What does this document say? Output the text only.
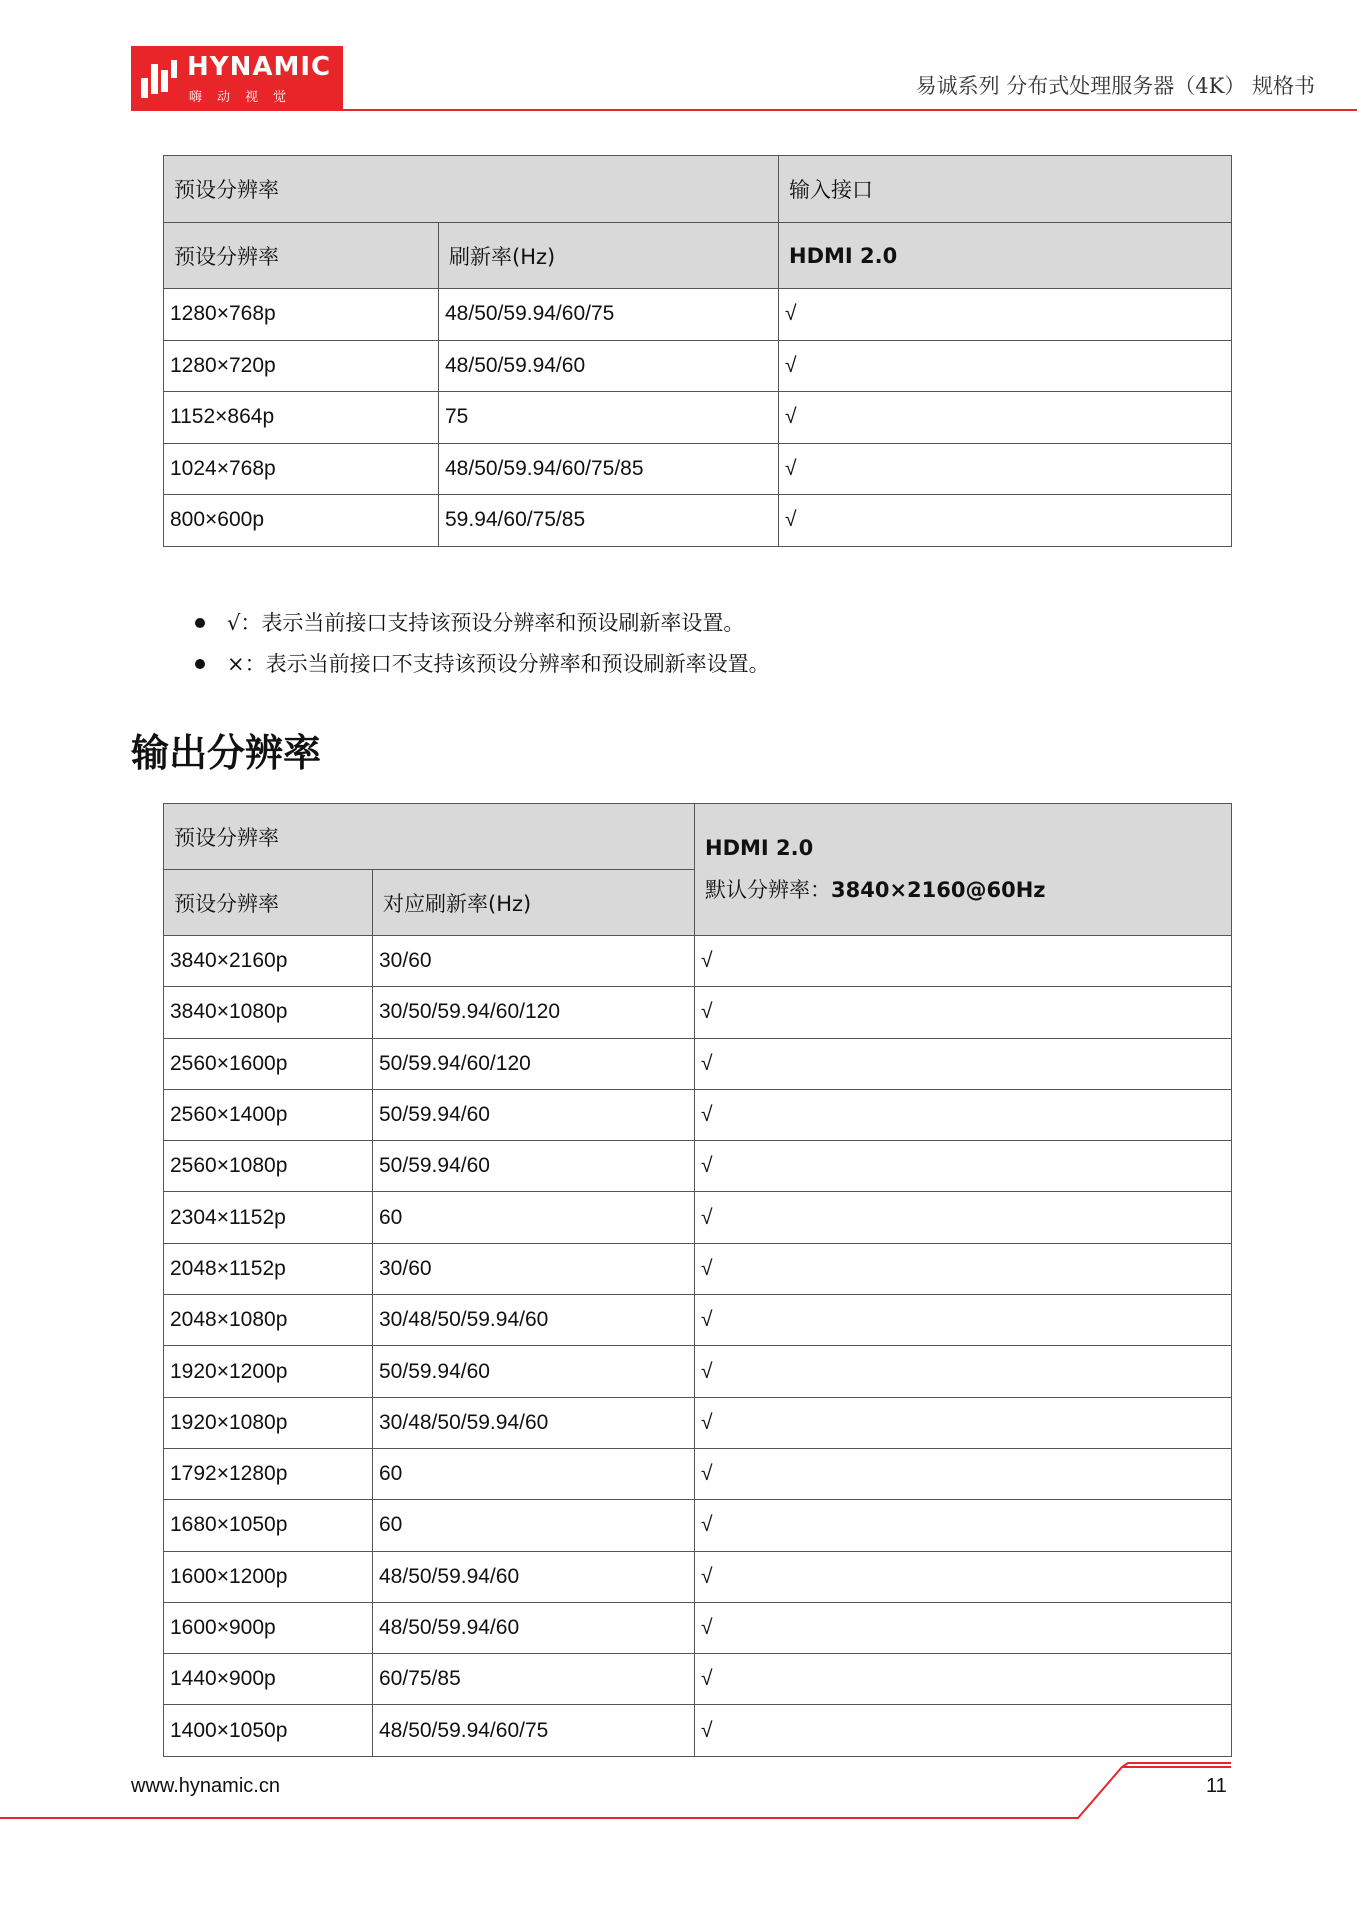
HYNAMIC
嗨动视觉	易诚系列 分布式处理服务器（4K） 规格书
预设分辨率		输入接口
预设分辨率	刷新率(Hz)	HDMI 2.0
1280×768p	48/50/59.94/60/75	√
1280×720p	48/50/59.94/60	√
1152×864p	75	√
1024×768p	48/50/59.94/60/75/85	√
800×600p	59.94/60/75/85	√
√：表示当前接口支持该预设分辨率和预设刷新率设置。
×：表示当前接口不支持该预设分辨率和预设刷新率设置。
输出分辨率
预设分辨率		HDMI 2.0
默认分辨率：3840×2160@60Hz

预设分辨率	对应刷新率(Hz)	
3840×2160p	30/60	√
3840×1080p	30/50/59.94/60/120	√
2560×1600p	50/59.94/60/120	√
2560×1400p	50/59.94/60	√
2560×1080p	50/59.94/60	√
2304×1152p	60	√
2048×1152p	30/60	√
2048×1080p	30/48/50/59.94/60	√
1920×1200p	50/59.94/60	√
1920×1080p	30/48/50/59.94/60	√
1792×1280p	60	√
1680×1050p	60	√
1600×1200p	48/50/59.94/60	√
1600×900p	48/50/59.94/60	√
1440×900p	60/75/85	√
1400×1050p	48/50/59.94/60/75	√
www.hynamic.cn	11
